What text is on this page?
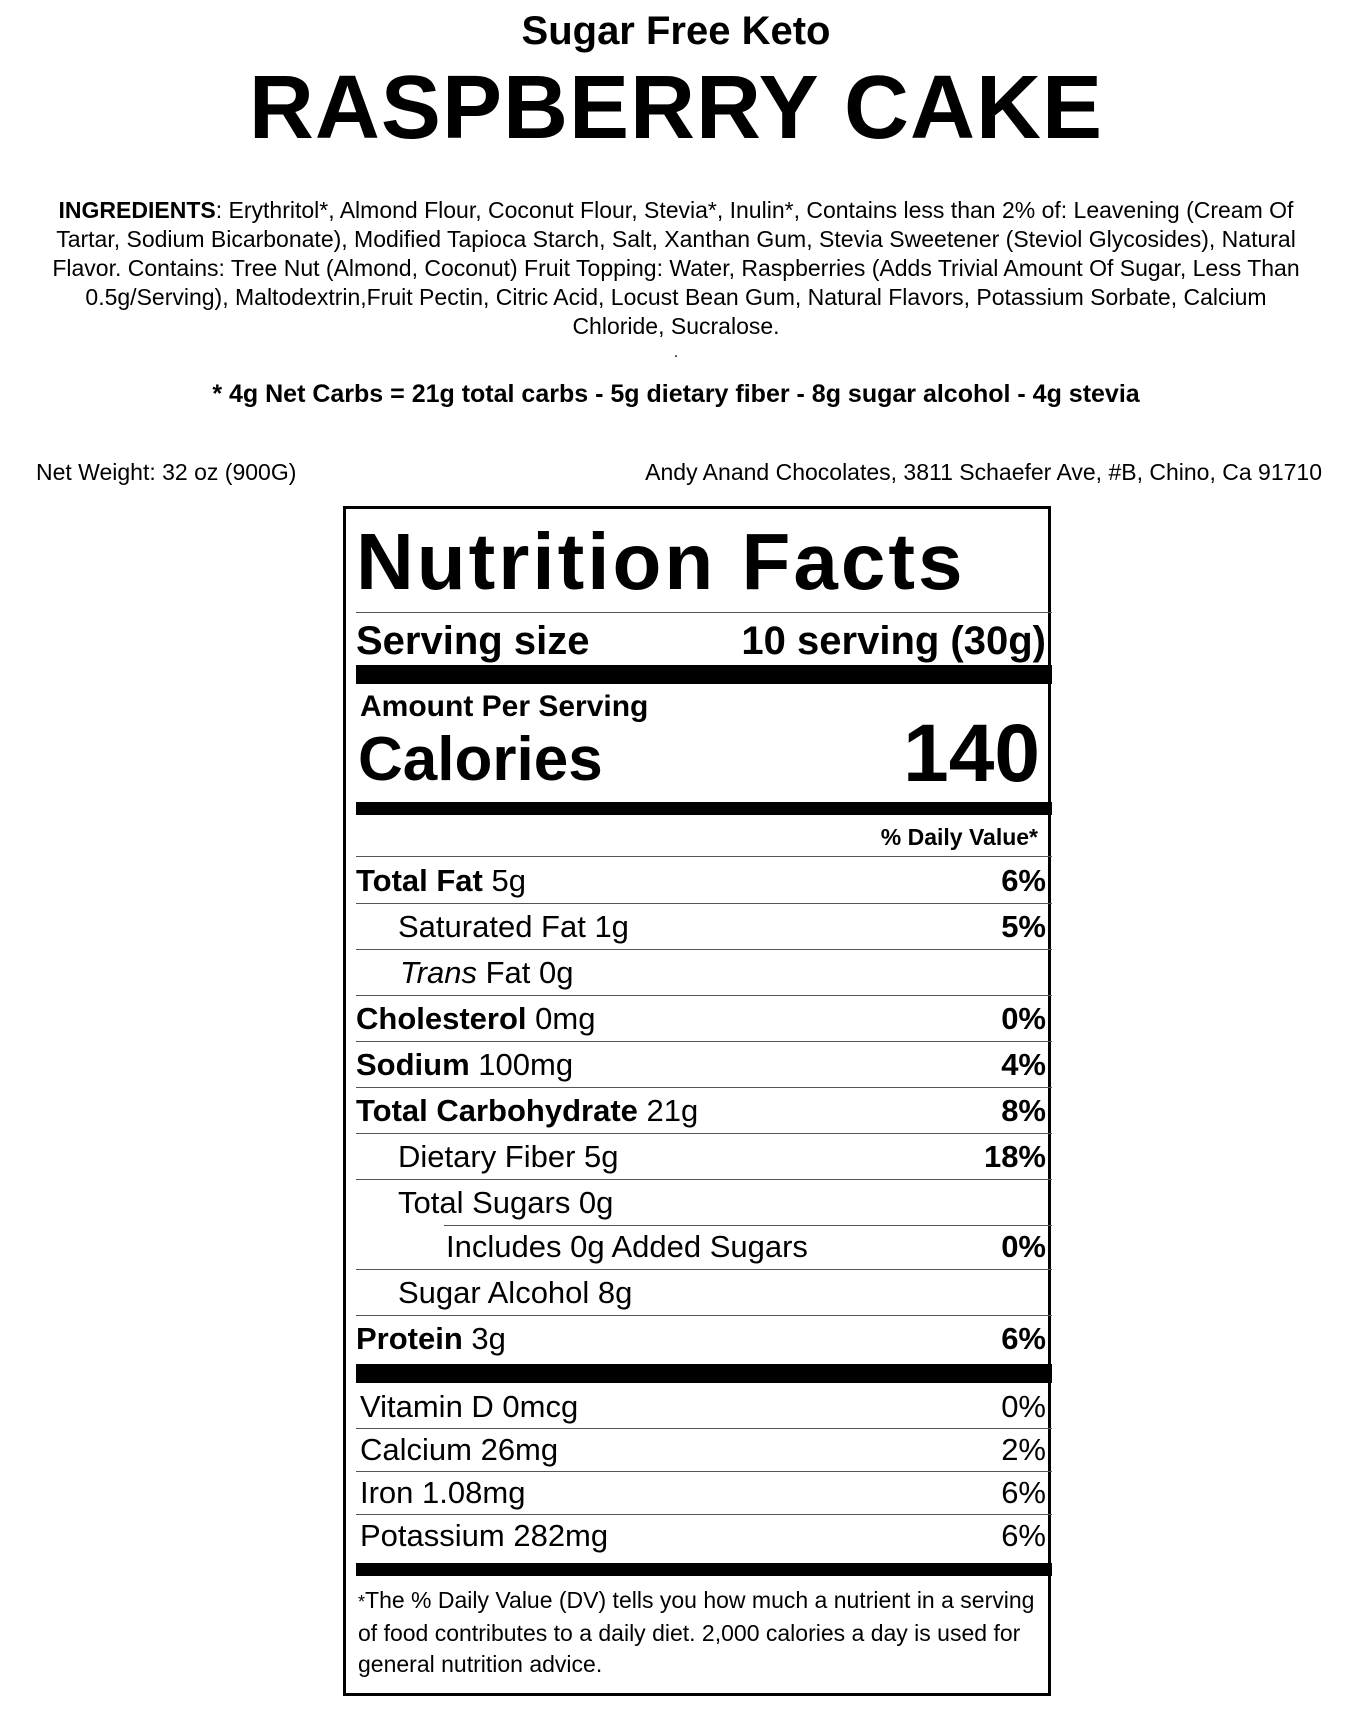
Sugar Free Keto
RASPBERRY CAKE
INGREDIENTS: Erythritol*, Almond Flour, Coconut Flour, Stevia*, Inulin*, Contains less than 2% of: Leavening (Cream Of Tartar, Sodium Bicarbonate), Modified Tapioca Starch, Salt, Xanthan Gum, Stevia Sweetener (Steviol Glycosides), Natural Flavor. Contains: Tree Nut (Almond, Coconut) Fruit Topping: Water, Raspberries (Adds Trivial Amount Of Sugar, Less Than 0.5g/Serving), Maltodextrin,Fruit Pectin, Citric Acid, Locust Bean Gum, Natural Flavors, Potassium Sorbate, Calcium Chloride, Sucralose.
.
* 4g Net Carbs = 21g total carbs - 5g dietary fiber - 8g sugar alcohol - 4g stevia
Net Weight: 32 oz (900G)	Andy Anand Chocolates, 3811 Schaefer Ave, #B, Chino, Ca 91710
Nutrition Facts
Serving size	10 serving (30g)
Amount Per Serving
Calories	140
% Daily Value*
Total Fat 5g	6%
Saturated Fat 1g	5%
Trans Fat 0g
Cholesterol 0mg	0%
Sodium 100mg	4%
Total Carbohydrate 21g	8%
Dietary Fiber 5g	18%
Total Sugars 0g
Includes 0g Added Sugars	0%
Sugar Alcohol 8g
Protein 3g	6%
Vitamin D 0mcg	0%
Calcium 26mg	2%
Iron 1.08mg	6%
Potassium 282mg	6%
*The % Daily Value (DV) tells you how much a nutrient in a serving of food contributes to a daily diet. 2,000 calories a day is used for general nutrition advice.
